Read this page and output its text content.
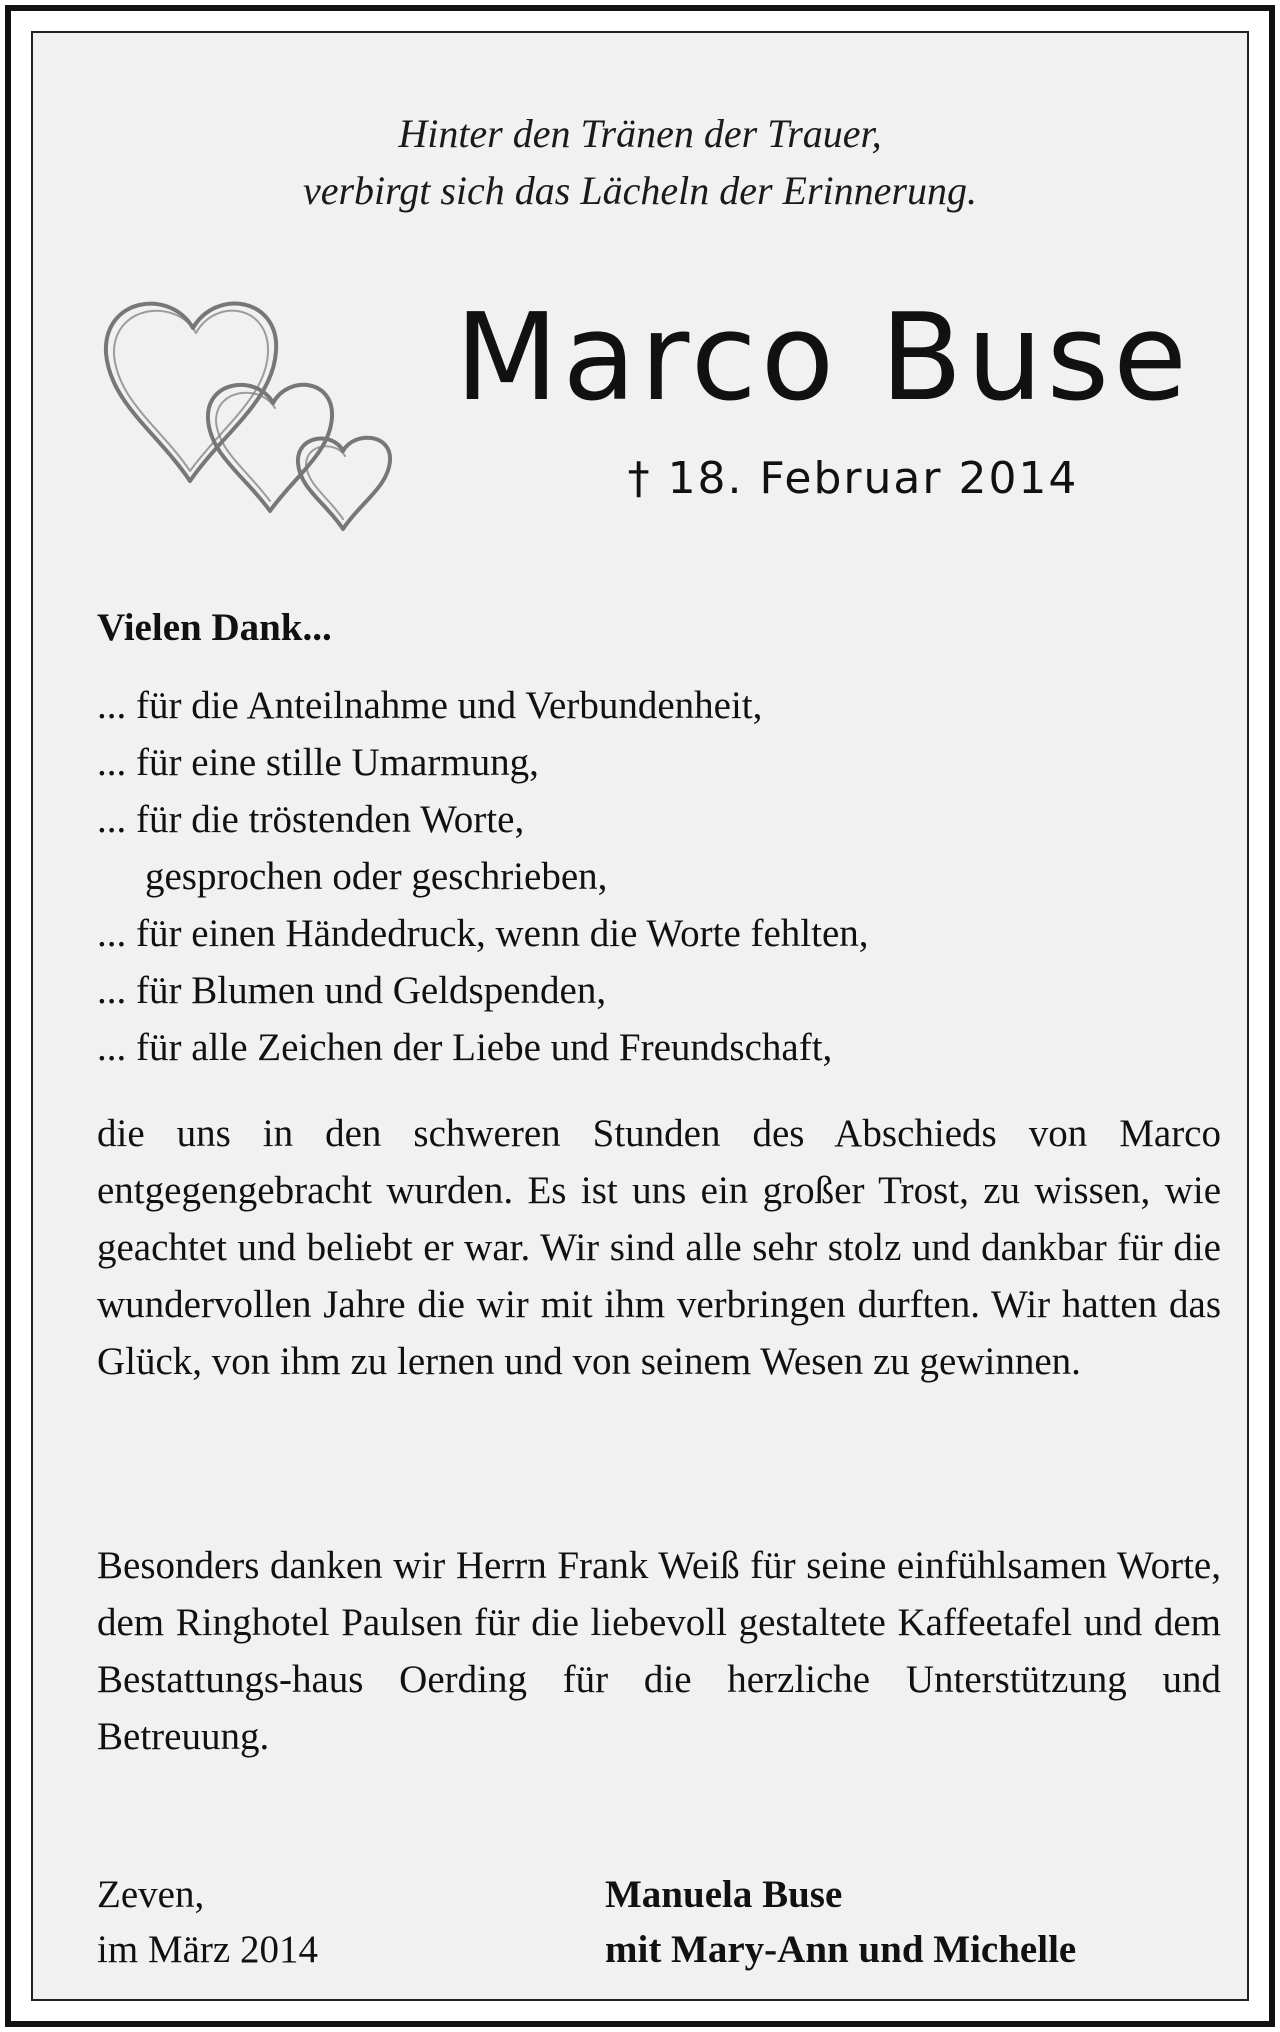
Hinter den Tränen der Trauer,
verbirgt sich das Lächeln der Erinnerung.
Marco Buse
† 18. Februar 2014
Vielen Dank...
... für die Anteilnahme und Verbundenheit,
... für eine stille Umarmung,
... für die tröstenden Worte,
gesprochen oder geschrieben,
... für einen Händedruck, wenn die Worte fehlten,
... für Blumen und Geldspenden,
... für alle Zeichen der Liebe und Freundschaft,

die uns in den schweren Stunden des Abschieds von Marco entgegengebracht wurden. Es ist uns ein großer Trost, zu wissen, wie geachtet und beliebt er war. Wir sind alle sehr stolz und dankbar für die wundervollen Jahre die wir mit ihm verbringen durften. Wir hatten das Glück, von ihm zu lernen und von seinem Wesen zu gewinnen.

Besonders danken wir Herrn Frank Weiß für seine einfühlsamen Worte, dem Ringhotel Paulsen für die liebevoll gestaltete Kaffeetafel und dem Bestattungs-haus Oerding für die herzliche Unterstützung und Betreuung.

Zeven,
im März 2014
Manuela Buse
mit Mary-Ann und Michelle
